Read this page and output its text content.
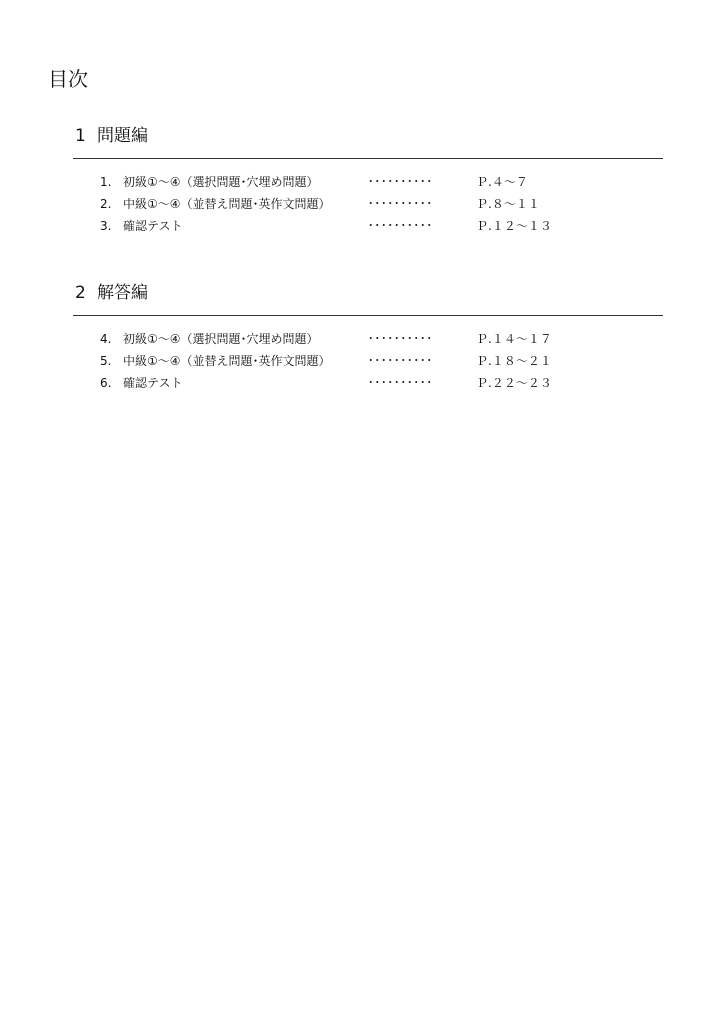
目次
1 問題編
1. 初級①～④（選択問題･穴埋め問題）	･･････････	Ｐ.４～７
2. 中級①～④（並替え問題･英作文問題）	･･････････	Ｐ.８～１１
3. 確認テスト	･･････････	Ｐ.１２～１３
2 解答編
4. 初級①～④（選択問題･穴埋め問題）	･･････････	Ｐ.１４～１７
5. 中級①～④（並替え問題･英作文問題）	･･････････	Ｐ.１８～２１
6. 確認テスト	･･････････	Ｐ.２２～２３
